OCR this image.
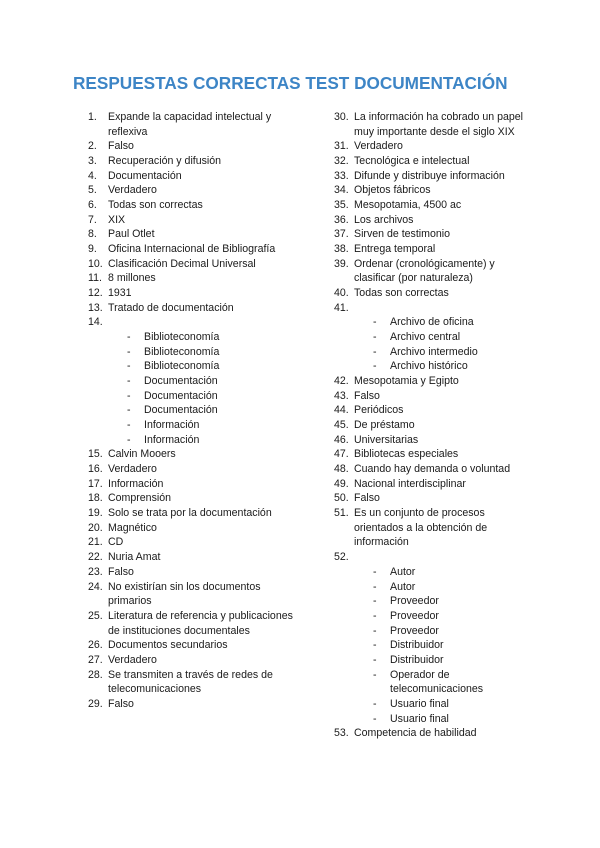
RESPUESTAS CORRECTAS TEST DOCUMENTACIÓN
1. Expande la capacidad intelectual y reflexiva
2. Falso
3. Recuperación y difusión
4. Documentación
5. Verdadero
6. Todas son correctas
7. XIX
8. Paul Otlet
9. Oficina Internacional de Bibliografía
10. Clasificación Decimal Universal
11. 8 millones
12. 1931
13. Tratado de documentación
14.

- Biblioteconomía
- Biblioteconomía
- Biblioteconomía
- Documentación
- Documentación
- Documentación
- Información
- Información
15. Calvin Mooers
16. Verdadero
17. Información
18. Comprensión
19. Solo se trata por la documentación
20. Magnético
21. CD
22. Nuria Amat
23. Falso
24. No existirían sin los documentos primarios
25. Literatura de referencia y publicaciones de instituciones documentales
26. Documentos secundarios
27. Verdadero
28. Se transmiten a través de redes de telecomunicaciones
29. Falso
30. La información ha cobrado un papel muy importante desde el siglo XIX
31. Verdadero
32. Tecnológica e intelectual
33. Difunde y distribuye información
34. Objetos fábricos
35. Mesopotamia, 4500 ac
36. Los archivos
37. Sirven de testimonio
38. Entrega temporal
39. Ordenar (cronológicamente) y clasificar (por naturaleza)
40. Todas son correctas
41.

- Archivo de oficina
- Archivo central
- Archivo intermedio
- Archivo histórico
42. Mesopotamia y Egipto
43. Falso
44. Periódicos
45. De préstamo
46. Universitarias
47. Bibliotecas especiales
48. Cuando hay demanda o voluntad
49. Nacional interdisciplinar
50. Falso
51. Es un conjunto de procesos orientados a la obtención de información
52.

- Autor
- Autor
- Proveedor
- Proveedor
- Proveedor
- Distribuidor
- Distribuidor
- Operador de telecomunicaciones
- Usuario final
- Usuario final
53. Competencia de habilidad
